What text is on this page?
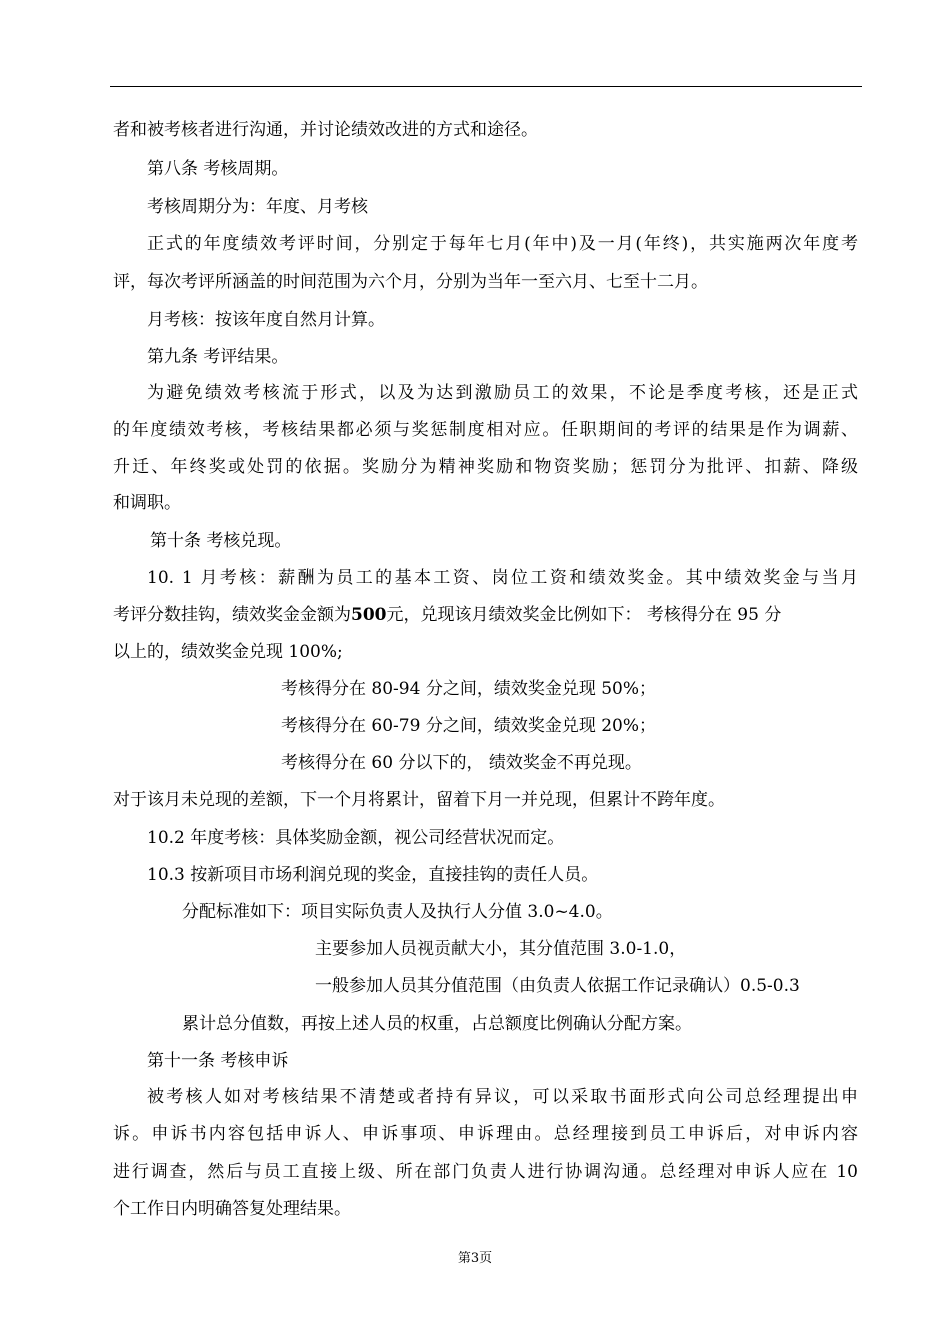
者和被考核者进行沟通，并讨论绩效改进的方式和途径。
第八条 考核周期。
考核周期分为：年度、月考核
正式的年度绩效考评时间，分别定于每年七月(年中)及一月(年终)，共实施两次年度考
评，每次考评所涵盖的时间范围为六个月，分别为当年一至六月、七至十二月。
月考核：按该年度自然月计算。
第九条 考评结果。
为避免绩效考核流于形式，以及为达到激励员工的效果，不论是季度考核，还是正式
的年度绩效考核，考核结果都必须与奖惩制度相对应。任职期间的考评的结果是作为调薪、
升迁、年终奖或处罚的依据。奖励分为精神奖励和物资奖励；惩罚分为批评、扣薪、降级
和调职。
第十条 考核兑现。
10. 1 月考核：薪酬为员工的基本工资、岗位工资和绩效奖金。其中绩效奖金与当月
考评分数挂钩，绩效奖金金额为500元，兑现该月绩效奖金比例如下： 考核得分在 95 分
以上的，绩效奖金兑现 100%;
考核得分在 80-94 分之间，绩效奖金兑现 50%；
考核得分在 60-79 分之间，绩效奖金兑现 20%；
考核得分在 60 分以下的， 绩效奖金不再兑现。
对于该月未兑现的差额，下一个月将累计，留着下月一并兑现，但累计不跨年度。
10.2 年度考核：具体奖励金额，视公司经营状况而定。
10.3 按新项目市场利润兑现的奖金，直接挂钩的责任人员。
分配标准如下：项目实际负责人及执行人分值 3.0~4.0。
主要参加人员视贡献大小，其分值范围 3.0-1.0，
一般参加人员其分值范围（由负责人依据工作记录确认）0.5-0.3
累计总分值数，再按上述人员的权重，占总额度比例确认分配方案。
第十一条 考核申诉
被考核人如对考核结果不清楚或者持有异议，可以采取书面形式向公司总经理提出申
诉。申诉书内容包括申诉人、申诉事项、申诉理由。总经理接到员工申诉后，对申诉内容
进行调查，然后与员工直接上级、所在部门负责人进行协调沟通。总经理对申诉人应在 10
个工作日内明确答复处理结果。
第3页
